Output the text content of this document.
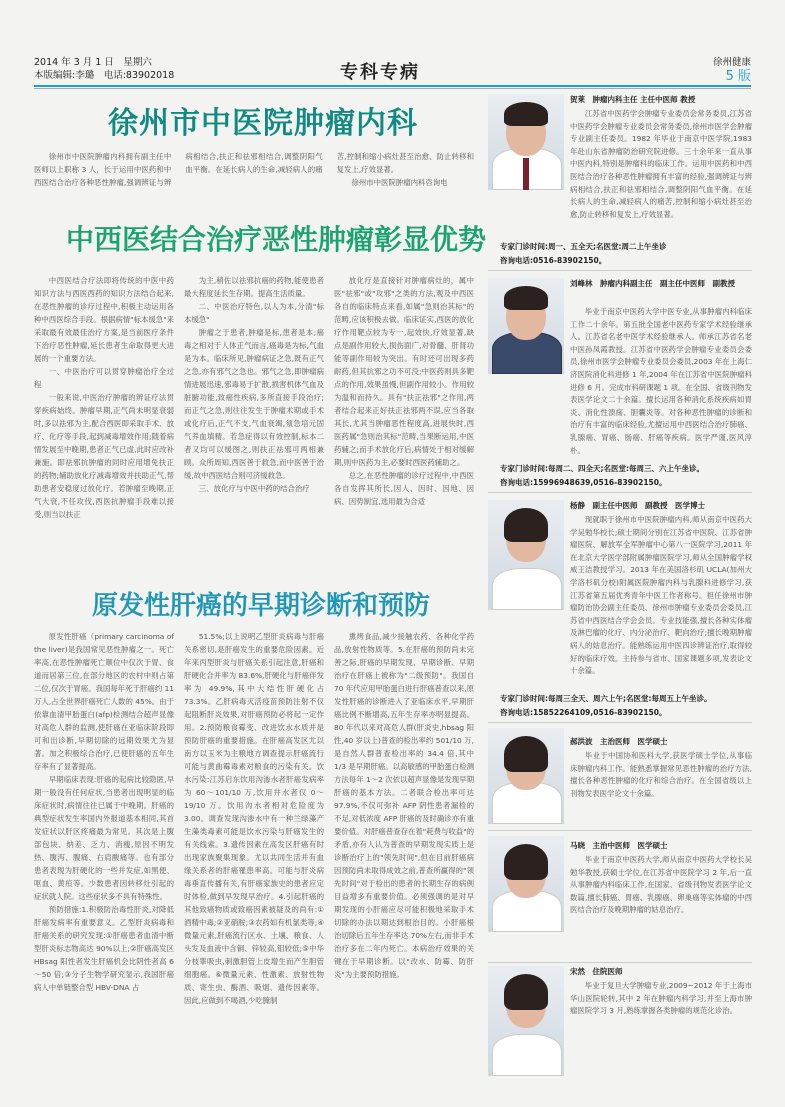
2014 年 3 月 1 日　星期六
本版编辑:李璐　电话:83902018	专科专病	徐州健康
5 版
徐州市中医院肿瘤内科

徐州市中医院肿瘤内科拥有副主任中医师以上职称 3 人，长于运用中医药和中西医结合治疗各种恶性肿瘤,强调辨证与辨病相结合,扶正和祛邪相结合,调整阴阳气血平衡。在延长病人的生命,减轻病人的痛苦,控制和缩小病灶甚至治愈、防止转移和复发上,疗效显著。

徐州市中医院肿瘤内科咨询电

中西医结合治疗恶性肿瘤彰显优势

中西医结合疗法即将传统的中医中药知识方法与西医西药的知识方法结合起来,在恶性肿瘤的诊疗过程中,积极主动运用各种中西医综合手段。根据病情"标本缓急"来采取最有效最佳治疗方案,是当前医疗条件下治疗恶性肿瘤,延长患者生命取得更大进展的一个重要方法。

一、中医治疗可以贯穿肿瘤治疗全过程

一般来说,中医治疗肿瘤的辨证疗法贯穿疾病始终。肿瘤早期,正气尚未明显衰弱时,多以祛邪为主,配合西医即采取手术、放疗、化疗等手段,起到减毒增效作用;随着病情发展至中晚期,患者正气已虚,此时应改补兼施。即祛邪抗肿瘤的同时应用增免扶正的药物;辅助放化疗减毒增效并扶助正气,帮助患者安稳度过放化疗。若肿瘤至晚期,正气大衰,不任攻伐,西医抗肿瘤手段难以接受,则当以扶正

为主,稍佐以祛邪抗癌的药物,能使患者最大程度延长生存期。提高生活质量。

二、中医治疗特色,以人为本,分清"标本缓急"

肿瘤之于患者,肿瘤是标,患者是本;癌毒之相对于人体正气而言,癌毒是为标,气血是为本。临床所见,肿瘤病证之急,既有正气之急,亦有邪气之急也。邪气之急,即肿瘤病情进展迅速,邪毒易于扩散,损害机体气血及脏腑功能,致癌性疾病,多所直接手段治疗;而正气之急,则往往发生于肿瘤术期或手术或化疗后,正气不支,气血衰竭,须急培元固气养血填精。若急症得以有效控制,标本二者又均可以缓图之,则扶正祛邪可两相兼顾。众所周知,西医善于救急,而中医善于治缓,故中西医结合则可济缓救急。

三、放化疗与中医中药的结合治疗

放化疗是直接针对肿瘤病灶的，属中医"祛邪"或"攻邪"之类的方法,观及中西医各自的临床特点来看,如属"急则治其标"的范畴,应该积极去做。临床证实,西医的放化疗作用靶点较为专一,起效快,疗效显著,缺点是副作用较大,损伤面广,对骨髓、肝肾功能等副作用较为突出。有时还可出现多药耐药,但其抗邪之功不可没;中医药则具多靶点的作用,效果虽慢,但副作用较小。作用较为温和而持久。具有"扶正祛邪"之作用,两者结合起来正好扶正祛邪两不误,应当各取其长,尤其当肿瘤恶性程度高,进展快时,西医药属"急则治其标"范畴,当果断运用,中医药辅之;而手术放化疗后,病情处于相对缓解期,则中医药为主,必要时西医药辅助之。

总之,在恶性肿瘤的诊疗过程中,中西医各自发挥其所长,因人、因时、因地、因病、因势制宜,选用最为合适

原发性肝癌的早期诊断和预防

原发性肝癌（primary carcinoma of the liver)是我国常见恶性肿瘤之一。死亡率高,在恶性肿瘤死亡顺位中仅次于胃、食道而居第三位,在部分地区的农村中则占第二位,仅次于胃癌。我国每年死于肝癌约 11 万人,占全世界肝癌死亡人数的 45%。由于依靠血清甲胎蛋白(afp)检测结合超声显像对高危人群的监测,使肝癌在亚临床阶段即可和出诊断,早期切除的远期效果尤为显著。加之积极综合治疗,已使肝癌的五年生存率有了显著提高。

早期临床表现:肝癌的起病比较隐匿,早期一般没有任何症状,当患者出现明显的临床症状时,病情往往已属于中晚期。肝癌的典型症状发生率国内外报道基本相同,其首发症状以肝区疼痛最为常见。其次是上腹部包块、纳差、乏力、消瘦,原因不明发热、腹泻、腹痛、右肩酸痛等。也有部分患者表现为肝硬化的一些并发症,如黑便、呕血、黄疸等。少数患者因转移灶引起的症状就人院。这些症状多不具有特殊性。

预防措施:1.积极防治毒性肝炎,对降低肝癌发病率有重要意义。乙型肝炎病毒和肝癌关系的研究发现:①肝癌患者血清中断型肝炎标志物高达 90%以上;②肝癌高发区 HBsag 阳性者发生肝癌机会比阴性者高 6～50 倍;③分子生物学研究显示,我国肝癌病人中单链整合型 HBV-DNA 占

51.5%;以上说明乙型肝炎病毒与肝癌关系密切,是肝癌发生的重要危险因素。近年来丙型肝炎与肝癌关系引起注意,肝癌和肝硬化合并率为 83.6%,肝硬化与肝癌伴发率为 49.9%,其中大结性肝硬化占 73.3%。乙肝病毒灭活疫苗预防注射不仅起阻断肝炎效果,对肝癌预防必将起一定作用。2.预防粮食霉变、改进饮水水质并是预防肝癌的重要措施。在肝癌高发区尤以南方以玉米为主粮地方调查提示肝癌流行可能与黄曲霉毒素对粮食的污染有关。饮水污染:江苏启东饮用沟渗水者肝癌发病率为 60～101/10 万,饮用井水者仅 0～19/10 万。饮用沟水者相对危险度为 3.00。调查发现沟渗水中有一种兰绿藻产生藻类毒素可能是饮水污染与肝癌发生的有关线索。3.遗传因素在高发区肝癌有时出现家族聚集现象。尤以共同生活并有血缘关系者的肝癌罹患率高。可能与肝炎病毒垂直传播有关,有肝癌家族史的患者应定时体检,做到早发现早治疗。4.引起肝癌的其他致癌物质或致癌因素被疑及的尚有:①酒精中毒;②亚硝胺;③农药如有机氯类等;④微量元素,肝癌流行区水、土壤、粮食、人头发及血液中含铜、锌较高,钼较低;⑤中华分枝睾吸虫,刺激胆管上皮增生而产生胆管细胞癌。⑥微量元素、性激素、放射性物质、寄生虫、酶酒、吸烟、遗传因素等。因此,应做到不喝酒,少吃腌制

熏烤食品,减少接触农药、各种化学药品,放射性物质等。5.在肝癌的预防尚未完善之际,肝癌的早期发现、早期诊断、早期治疗在肝癌上被称为"二级预防"。我国自 70 年代应用甲胎蛋白进行肝癌普查以来,原发性肝癌的诊断进入了亚临床水平,早期肝癌比例不断增高,五年生存率亦明显提高。80 年代以来对高危人群(肝炎史,hbsag 阳性,40 岁以上)普查的检出率约 501/10 万,是自然人群普查检出率的 34.4 倍,其中 1/3 是早期肝癌。以高敏感的甲胎蛋白检测方法每年 1～2 次依以超声显像是发现早期肝癌的基本方法。二者联合检出率可达 97.9%,不仅可弥补 AFP 阴性患者漏检的不足,对低浓度 AFP 肝癌的及时确诊亦有重要价值。对肝癌普查存在着"耗费与收益"的矛盾,亦有人认为普查的早期发现实质上是诊断治疗上的"领先时间",但在目前肝癌病因预防尚未取得成效之前,普查所赢得的"领先时间"对于检出的患者的长期生存的病例目益增多有重要价值。必须强调的是对早期发现的小肝癌应尽可能积极地采取手术切除的办法以期达到根治目的。小肝癌根治切除后五年生存率达 70%左右,而非手术治疗多在二年内死亡。本病治疗效果的关键在于早期诊断。以"改水、防霉、防肝炎"为主要预防措施。

贺莱　肿瘤内科主任 主任中医师 教授

江苏省中医药学会肿瘤专业委员会常务委员,江苏省中医药学会肿瘤专业委员会常务委员,徐州市医学会肿瘤专业副主任委员。1982 年毕业于南京中医学院,1983 年赴山东省肿瘤防治研究院进修。三十余年来一直从事中医内科,特别是肿瘤科的临床工作。运用中医药和中西医结合治疗各种恶性肿瘤拥有丰富的经验,强调辨证与辨病相结合,扶正和祛邪相结合,调整阴阳气血平衡。在延长病人的生命,减轻病人的痛苦,控制和缩小病灶甚至治愈,防止转移和复发上,疗效显著。

专家门诊时间:周一、五全天;名医堂:周二上午坐诊
咨询电话:0516-83902150。
刘峰林　肿瘤内科副主任　副主任中医师　副教授

毕业于南京中医药大学中医专业,从事肿瘤内科临床工作二十余年。第五批全国老中医药专家学术经验继承人。江苏省名老中医学术经验继承人。师承江苏省名老中医孙凤霞教授。江苏省中医药学会肿瘤专业委员会委员,徐州市医学会肿瘤专业委员会委员,2003 年在上海仁济医院消化科进修 1 年,2004 年在江苏省中医院肿瘤科进修 6 月。完成市科研课题 1 项。在全国、省级刊物发表医学论文二十余篇。擅长运用各种消化系统疾病如胃炎、消化性溃疡、胆囊炎等。对各种恶性肿瘤的诊断和治疗有丰富的临床经验,尤擅运用中西医结合治疗肺癌、乳腺癌、胃癌、肠癌、肝癌等疾病。医学严谨,医风淳朴。

专家门诊时间:每周二、四全天;名医堂:每周三、六上午坐诊。
咨询电话:15996948639,0516-83902150。
杨静　副主任中医师　副教授　医学博士

现就职于徐州市中医院肿瘤内科,师从南京中医药大学吴勉华校长;硕士期间分别在江苏省中医院、江苏省肿瘤医院、解放军全军肿瘤中心第八一医院学习,2011 年在北京大学医学部附属肿瘤医院学习,师从全国肿瘤学权威王洁教授学习。2013 年在美国洛杉矶 UCLA(加州大学洛杉矶分校)附属医院肿瘤内科与乳腺科进修学习,获江苏省第五届优秀青年中医工作者称号。担任徐州市肿瘤防治协会副主任委员、徐州市肿瘤专业委员会委员,江苏省中西医结合学会会员。专业技能强,擅长各种实体瘤及淋巴瘤的化疗、内分泌治疗、靶向治疗;擅长晚期肿瘤病人的姑息治疗。能熟练运用中医四诊辨证治疗,取得较好的临床疗效。主持参与省市、国家课题多项,发表论文十余篇。

专家门诊时间:每周三全天、周六上午;名医堂:每周五上午坐诊。
咨询电话:15852264109,0516-83902150。
郝洪波　主治医师　医学硕士

毕业于中国协和医科大学,获医学硕士学位,从事临床肿瘤内科工作。能熟悉掌握常见恶性肿瘤的治疗方法,擅长各种恶性肿瘤的化疗和综合治疗。在全国省级以上刊物发表医学论文十余篇。

马晓　主治中医师　医学硕士

毕业于南京中医药大学,师从南京中医药大学校长吴勉华教授,获硕士学位,在江苏省中医院学习 2 年,后一直从事肿瘤内科临床工作,在国家、省级刊物发表医学论文数篇,擅长肺癌、胃癌、乳腺癌、卵巢癌等实体瘤的中西医结合治疗及晚期肿瘤的姑息治疗。

宋然　住院医师

毕业于复旦大学肿瘤专业,2009~2012 年于上海市华山医院轮转,其中 2 年在肿瘤内科学习,并至上海市肿瘤医院学习 3 月,熟练掌握各类肿瘤的规范化诊治。
